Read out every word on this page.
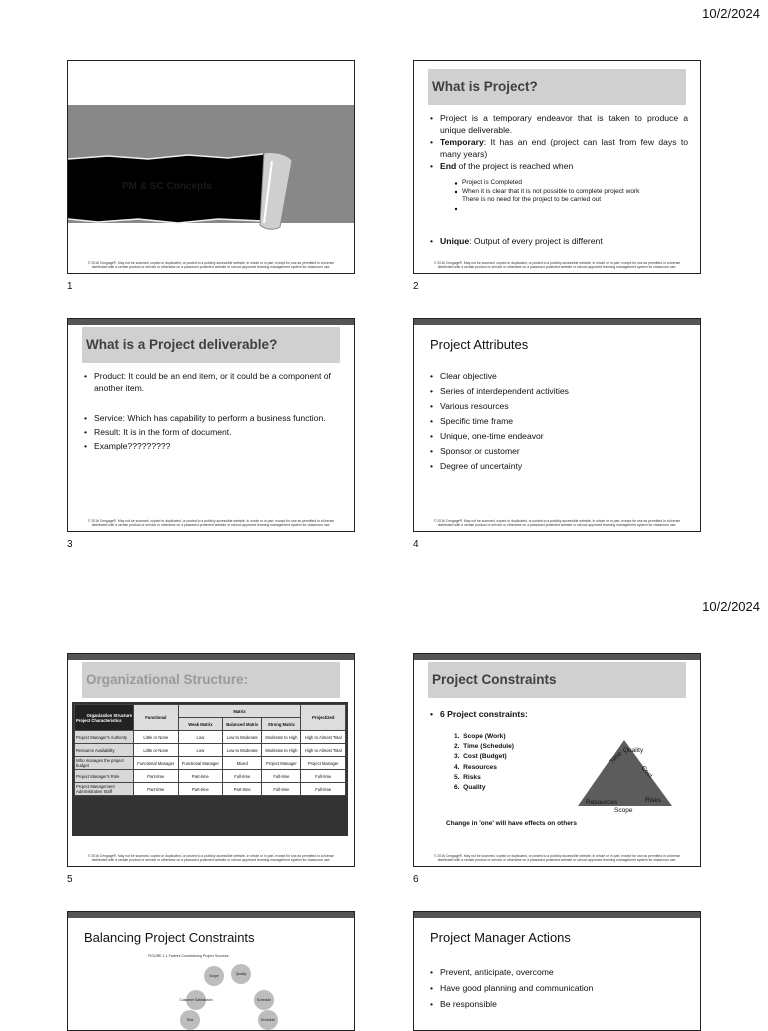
10/2/2024
PM & SC Concepts
© 2016 Cengage®. May not be scanned, copied or duplicated, or posted to a publicly accessible website, in whole or in part, except for use as permitted in a license distributed with a certain product or service or otherwise on a password-protected website or school-approved learning management system for classroom use.
1
What is Project?
• Project is a temporary endeavor that is taken to produce a unique deliverable.
• Temporary: It has an end (project can last from few days to many years)
• End of the project is reached when
Project is Completed
When it is clear that it is not possible to complete project work
There is no need for the project to be carried out
• Unique: Output of every project is different
© 2016 Cengage®. May not be scanned, copied or duplicated, or posted to a publicly accessible website, in whole or in part, except for use as permitted in a license distributed with a certain product or service or otherwise on a password-protected website or school-approved learning management system for classroom use.
2
What is a Project deliverable?
• Product: It could be an end item, or it could be a component of another item.
• Service: Which has capability to perform a business function.
• Result: It is in the form of document.
• Example?????????
© 2016 Cengage®. May not be scanned, copied or duplicated, or posted to a publicly accessible website, in whole or in part, except for use as permitted in a license distributed with a certain product or service or otherwise on a password-protected website or school-approved learning management system for classroom use.
3
Project Attributes
• Clear objective
• Series of interdependent activities
• Various resources
• Specific time frame
• Unique, one-time endeavor
• Sponsor or customer
• Degree of uncertainty
© 2016 Cengage®. May not be scanned, copied or duplicated, or posted to a publicly accessible website, in whole or in part, except for use as permitted in a license distributed with a certain product or service or otherwise on a password-protected website or school-approved learning management system for classroom use.
4
10/2/2024
Organizational Structure:
Organization Structure
Project Characteristics	Functional	Matrix			Projectized
		Weak Matrix	Balanced Matrix	Strong Matrix	
Project Manager's Authority	Little or None	Low	Low to Moderate	Moderate to High	High to Almost Total
Resource Availability	Little or None	Low	Low to Moderate	Moderate to High	High to Almost Total
Who manages the project budget	Functional Manager	Functional Manager	Mixed	Project Manager	Project Manager
Project Manager's Role	Part-time	Part-time	Full-time	Full-time	Full-time
Project Management Administrative Staff	Part-time	Part-time	Part-time	Full-time	Full-time
© 2016 Cengage®. May not be scanned, copied or duplicated, or posted to a publicly accessible website, in whole or in part, except for use as permitted in a license distributed with a certain product or service or otherwise on a password-protected website or school-approved learning management system for classroom use.
5
Project Constraints
• 6 Project constraints:
1.  Scope (Work)
2.  Time (Schedule)
3.  Cost (Budget)
4.  Resources
5.  Risks
6.  Quality
Time Quality
Cost
Resources	Risks
Scope
Change in 'one' will have effects on others
© 2016 Cengage®. May not be scanned, copied or duplicated, or posted to a publicly accessible website, in whole or in part, except for use as permitted in a license distributed with a certain product or service or otherwise on a password-protected website or school-approved learning management system for classroom use.
6
Balancing Project Constraints
FIGURE 1.1 Factors Constraining Project Success
Scope	Quality
Customer Satisfaction	Schedule
Risk	Schedule
Project Manager Actions
• Prevent, anticipate, overcome
• Have good planning and communication
• Be responsible
